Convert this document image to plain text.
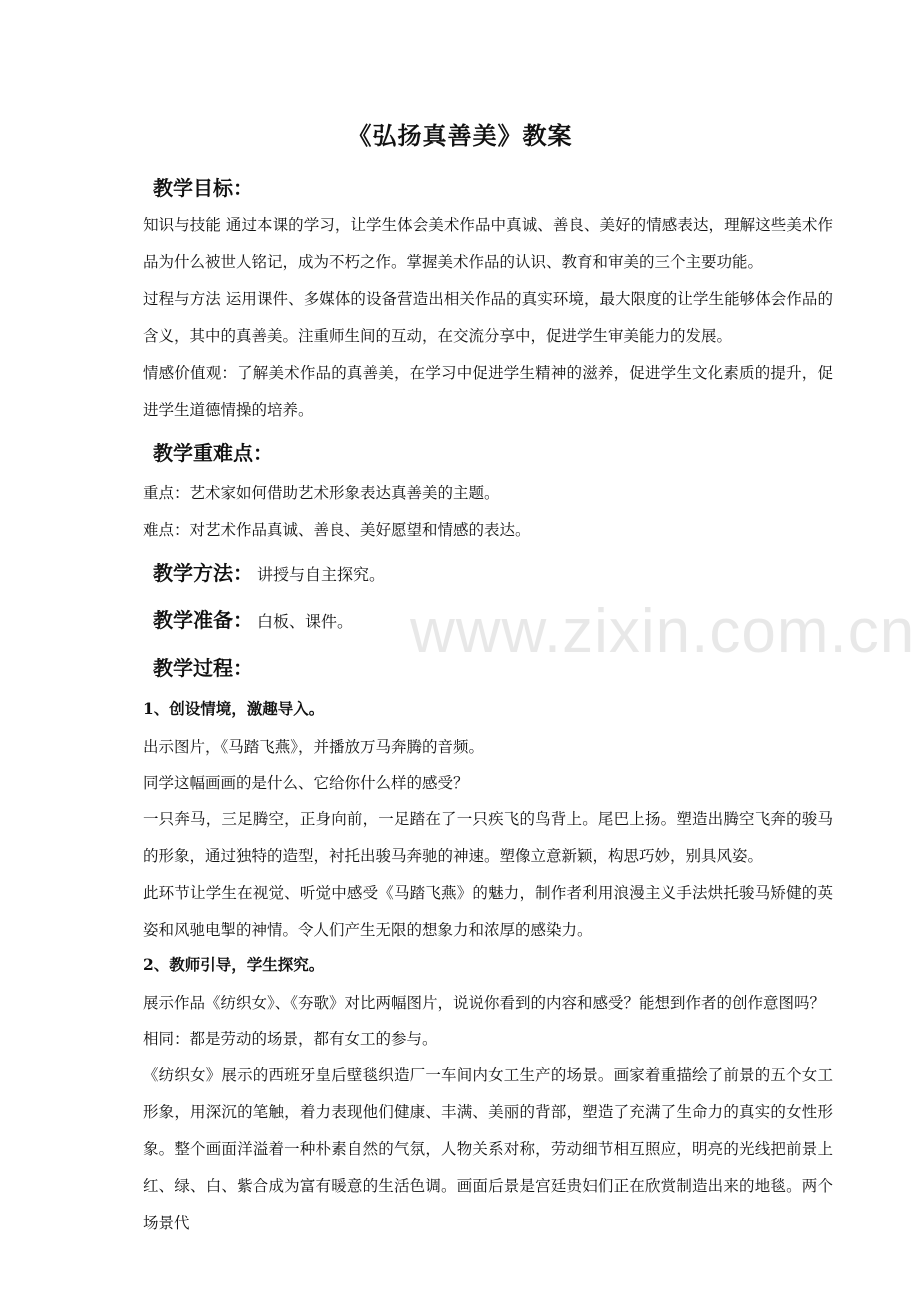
《弘扬真善美》教案
教学目标：
知识与技能 通过本课的学习，让学生体会美术作品中真诚、善良、美好的情感表达，理解这些美术作品为什么被世人铭记，成为不朽之作。掌握美术作品的认识、教育和审美的三个主要功能。
过程与方法 运用课件、多媒体的设备营造出相关作品的真实环境，最大限度的让学生能够体会作品的含义，其中的真善美。注重师生间的互动，在交流分享中，促进学生审美能力的发展。
情感价值观：了解美术作品的真善美，在学习中促进学生精神的滋养，促进学生文化素质的提升，促进学生道德情操的培养。
教学重难点：
重点：艺术家如何借助艺术形象表达真善美的主题。
难点：对艺术作品真诚、善良、美好愿望和情感的表达。
教学方法： 讲授与自主探究。
教学准备： 白板、课件。
教学过程：
1、创设情境，激趣导入。
出示图片，《马踏飞燕》，并播放万马奔腾的音频。
同学这幅画画的是什么、它给你什么样的感受？
一只奔马，三足腾空，正身向前，一足踏在了一只疾飞的鸟背上。尾巴上扬。塑造出腾空飞奔的骏马的形象，通过独特的造型，衬托出骏马奔驰的神速。塑像立意新颖，构思巧妙，别具风姿。
此环节让学生在视觉、听觉中感受《马踏飞燕》的魅力，制作者利用浪漫主义手法烘托骏马矫健的英姿和风驰电掣的神情。令人们产生无限的想象力和浓厚的感染力。
2、教师引导，学生探究。
展示作品《纺织女》、《夯歌》对比两幅图片，说说你看到的内容和感受？能想到作者的创作意图吗？
相同：都是劳动的场景，都有女工的参与。
《纺织女》展示的西班牙皇后壁毯织造厂一车间内女工生产的场景。画家着重描绘了前景的五个女工形象，用深沉的笔触，着力表现他们健康、丰满、美丽的背部，塑造了充满了生命力的真实的女性形象。整个画面洋溢着一种朴素自然的气氛，人物关系对称，劳动细节相互照应，明亮的光线把前景上红、绿、白、紫合成为富有暖意的生活色调。画面后景是宫廷贵妇们正在欣赏制造出来的地毯。两个场景代
www.zixin.com.cn
